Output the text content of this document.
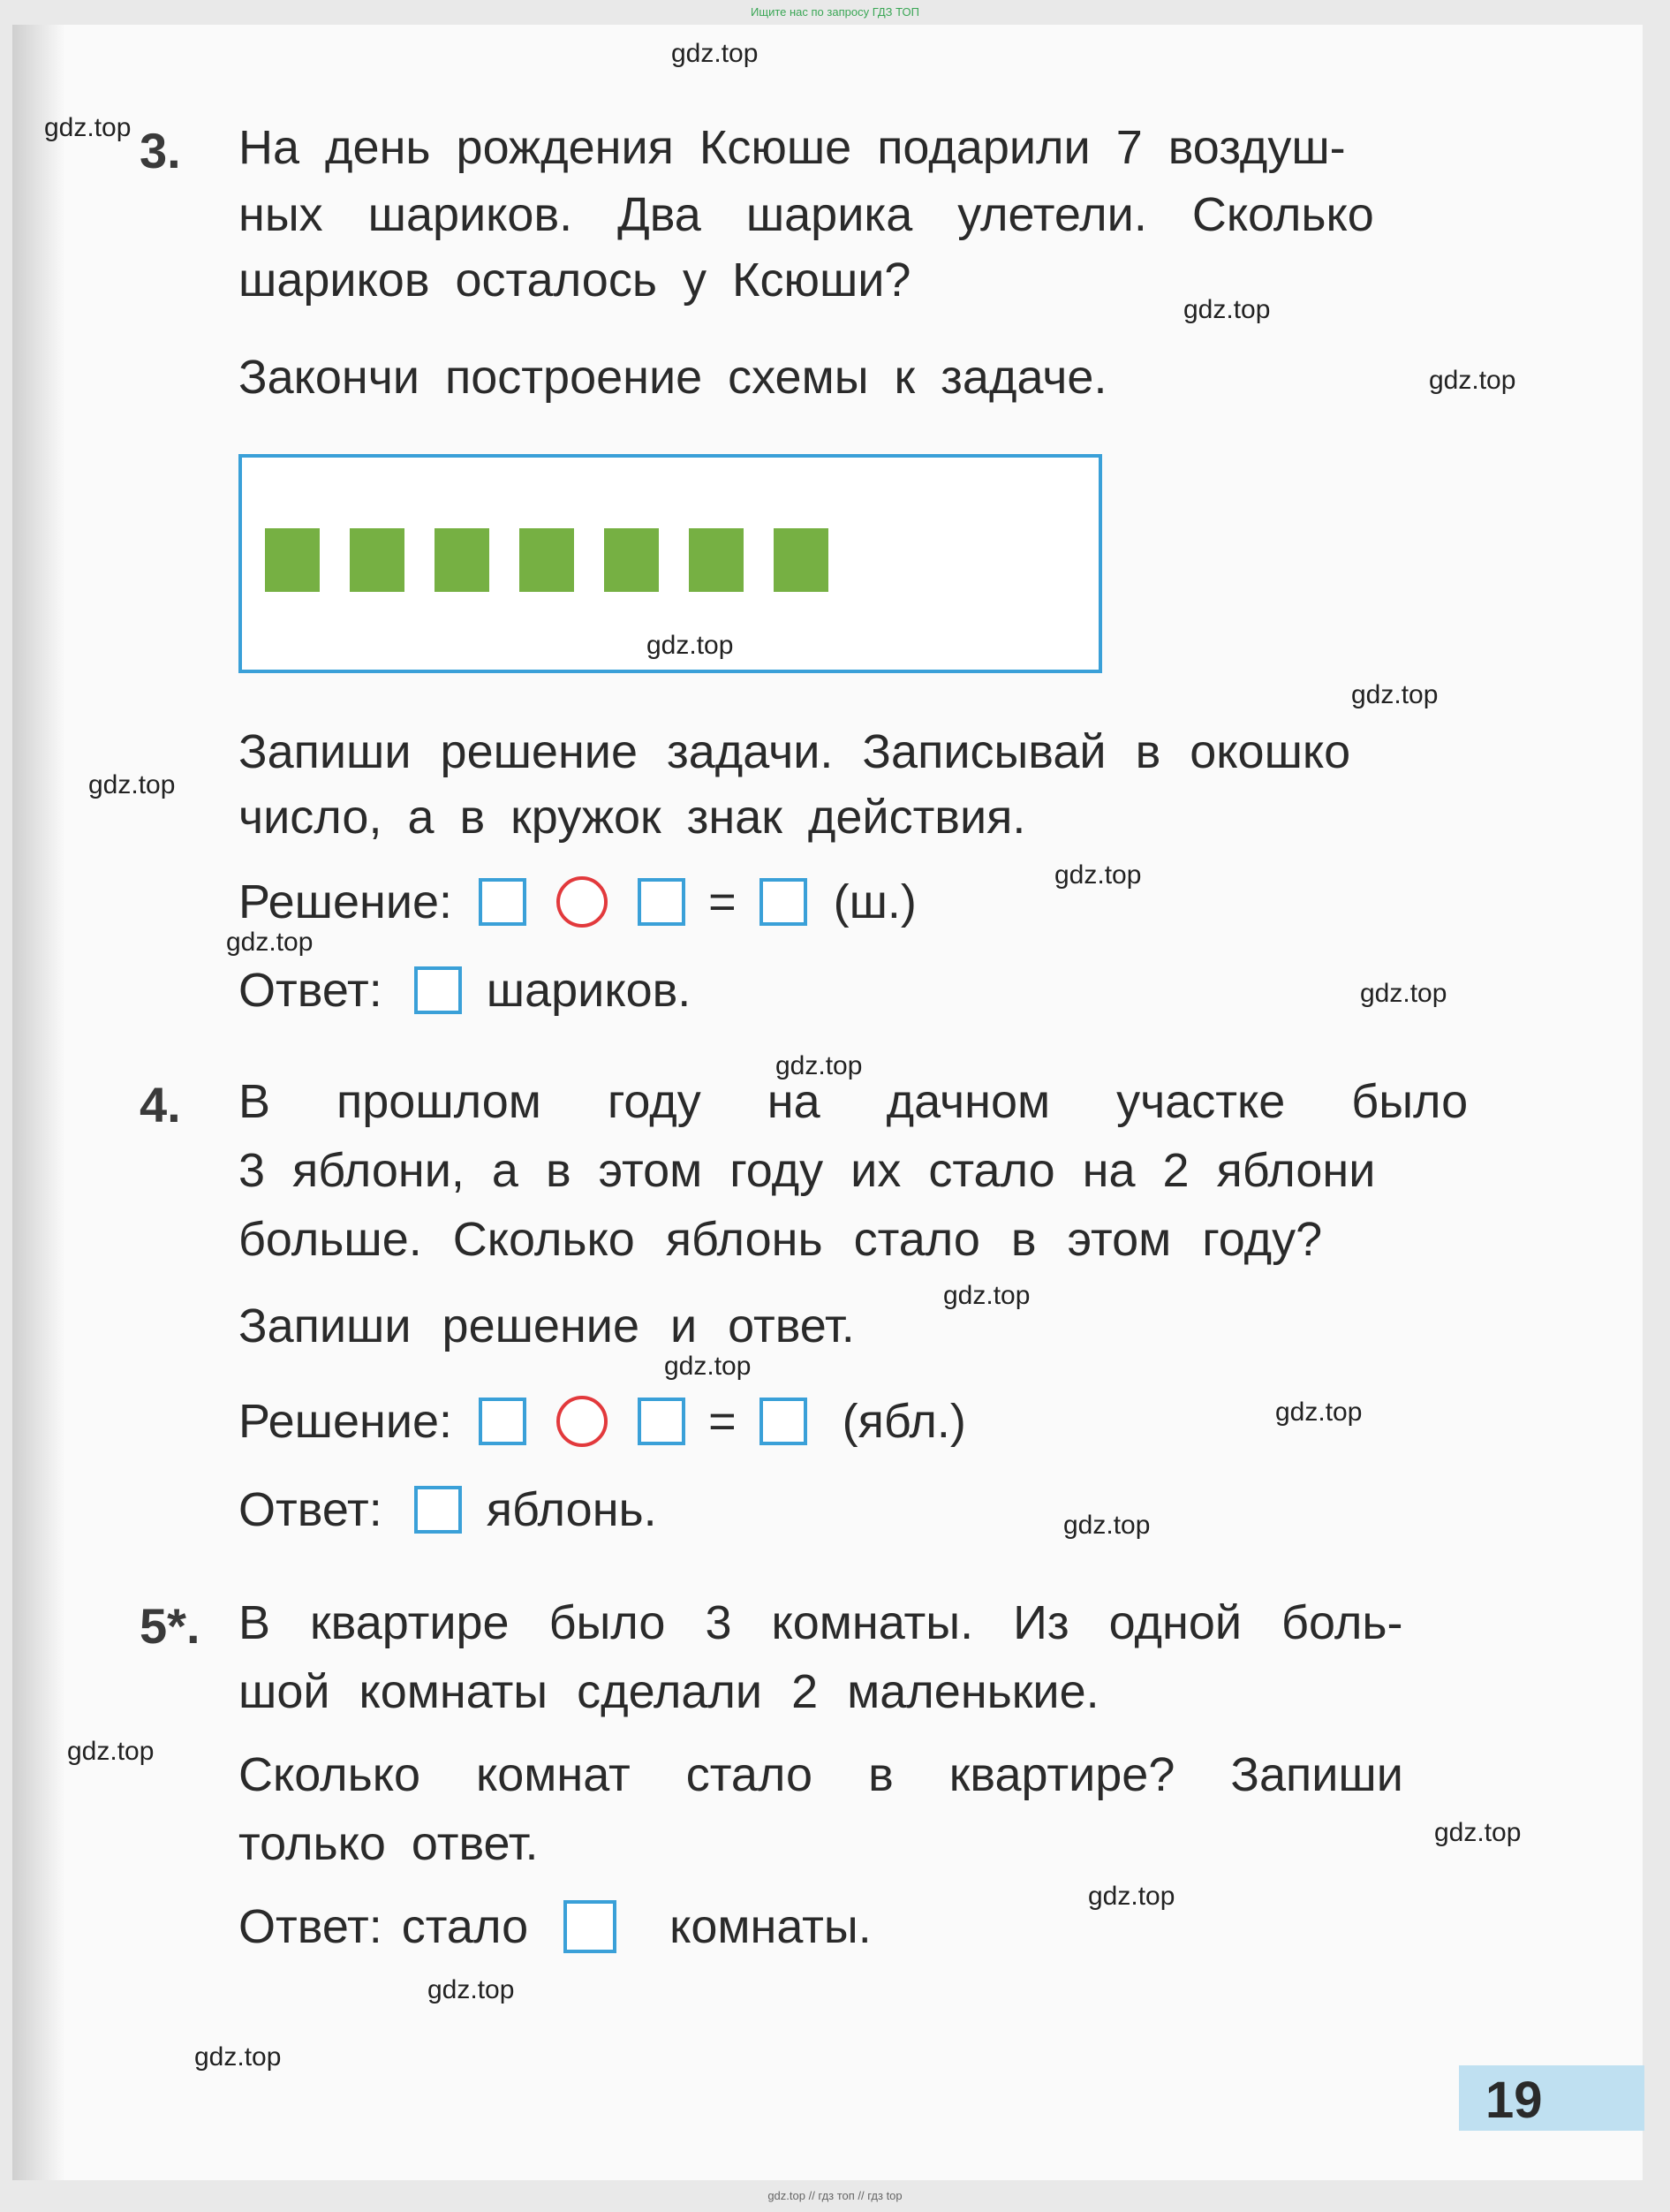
Ищите нас по запросу ГДЗ ТОП
3. На день рождения Ксюше подарили 7 воздуш-
ных шариков. Два шарика улетели. Сколько
шариков осталось у Ксюши?
Закончи построение схемы к задаче.
Запиши решение задачи. Записывай в окошко
число, а в кружок знак действия.
Решение:	= (ш.)
Ответ: шариков.
4. В прошлом году на дачном участке было
3 яблони, а в этом году их стало на 2 яблони
больше. Сколько яблонь стало в этом году?
Запиши решение и ответ.
Решение:	= (ябл.)
Ответ: яблонь.
5*. В квартире было 3 комнаты. Из одной боль-
шой комнаты сделали 2 маленькие.
Сколько комнат стало в квартире? Запиши
только ответ.
Ответ: стало	комнаты.
19
gdz.top
gdz.top
gdz.top
gdz.top
gdz.top
gdz.top
gdz.top
gdz.top
gdz.top
gdz.top
gdz.top
gdz.top
gdz.top
gdz.top
gdz.top
gdz.top
gdz.top
gdz.top
gdz.top
gdz.top
gdz.top // гдз топ // гдз top
